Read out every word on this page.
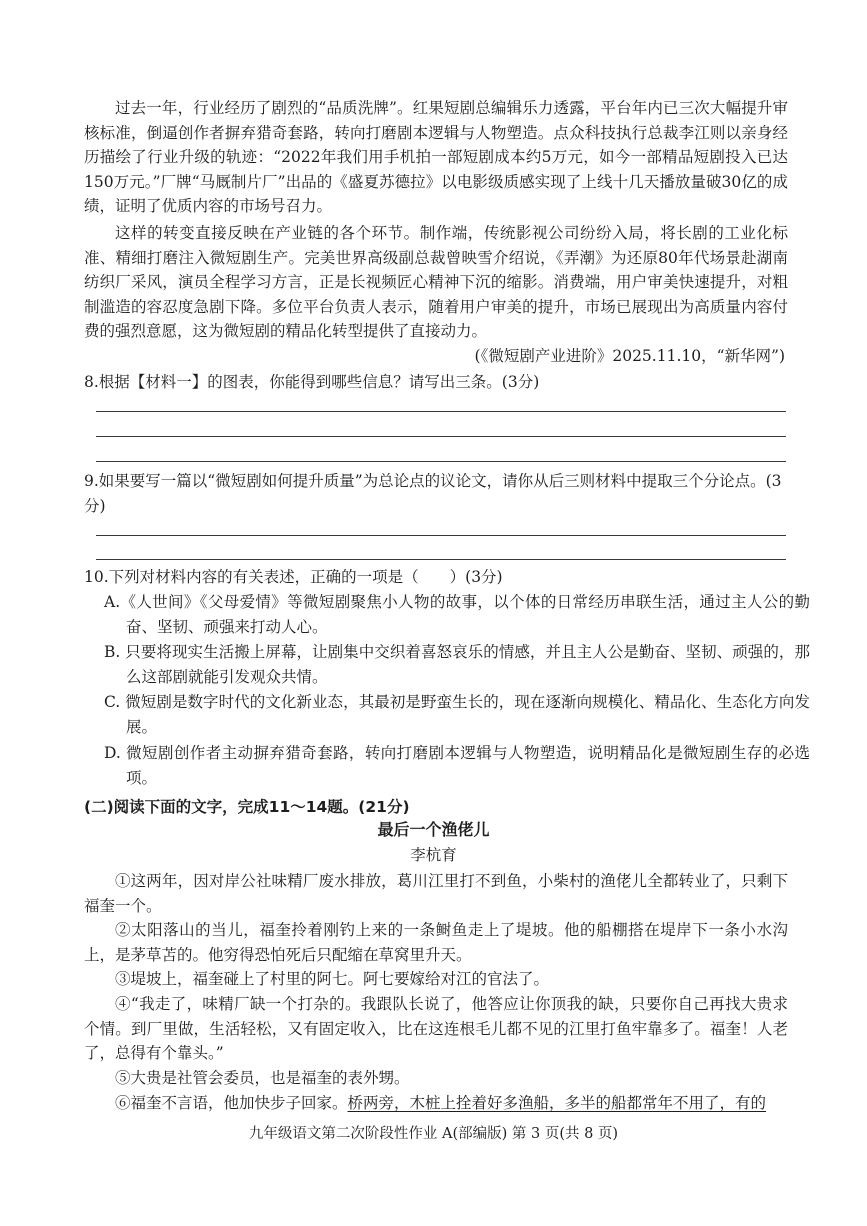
过去一年，行业经历了剧烈的“品质洗牌”。红果短剧总编辑乐力透露，平台年内已三次大幅提升审核标准，倒逼创作者摒弃猎奇套路，转向打磨剧本逻辑与人物塑造。点众科技执行总裁李江则以亲身经历描绘了行业升级的轨迹：“2022年我们用手机拍一部短剧成本约5万元，如今一部精品短剧投入已达150万元。”厂牌“马厩制片厂”出品的《盛夏苏德拉》以电影级质感实现了上线十几天播放量破30亿的成绩，证明了优质内容的市场号召力。

这样的转变直接反映在产业链的各个环节。制作端，传统影视公司纷纷入局，将长剧的工业化标准、精细打磨注入微短剧生产。完美世界高级副总裁曾映雪介绍说，《弄潮》为还原80年代场景赴湖南纺织厂采风，演员全程学习方言，正是长视频匠心精神下沉的缩影。消费端，用户审美快速提升，对粗制滥造的容忍度急剧下降。多位平台负责人表示，随着用户审美的提升，市场已展现出为高质量内容付费的强烈意愿，这为微短剧的精品化转型提供了直接动力。

(《微短剧产业进阶》2025.11.10，“新华网”)

8.根据【材料一】的图表，你能得到哪些信息？请写出三条。(3分)

9.如果要写一篇以“微短剧如何提升质量”为总论点的议论文，请你从后三则材料中提取三个分论点。(3分)

10.下列对材料内容的有关表述，正确的一项是（　　）(3分)

A.《人世间》《父母爱情》等微短剧聚焦小人物的故事，以个体的日常经历串联生活，通过主人公的勤奋、坚韧、顽强来打动人心。

B. 只要将现实生活搬上屏幕，让剧集中交织着喜怒哀乐的情感，并且主人公是勤奋、坚韧、顽强的，那么这部剧就能引发观众共情。

C. 微短剧是数字时代的文化新业态，其最初是野蛮生长的，现在逐渐向规模化、精品化、生态化方向发展。

D. 微短剧创作者主动摒弃猎奇套路，转向打磨剧本逻辑与人物塑造，说明精品化是微短剧生存的必选项。

(二)阅读下面的文字，完成11～14题。(21分)

最后一个渔佬儿

李杭育

①这两年，因对岸公社味精厂废水排放，葛川江里打不到鱼，小柴村的渔佬儿全都转业了，只剩下福奎一个。

②太阳落山的当儿，福奎拎着刚钓上来的一条鲥鱼走上了堤坡。他的船棚搭在堤岸下一条小水沟上，是茅草苫的。他穷得恐怕死后只配缩在草窝里升天。

③堤坡上，福奎碰上了村里的阿七。阿七要嫁给对江的官法了。

④“我走了，味精厂缺一个打杂的。我跟队长说了，他答应让你顶我的缺，只要你自己再找大贵求个情。到厂里做，生活轻松，又有固定收入，比在这连根毛儿都不见的江里打鱼牢靠多了。福奎！人老了，总得有个靠头。”

⑤大贵是社管会委员，也是福奎的表外甥。

⑥福奎不言语，他加快步子回家。桥两旁，木桩上拴着好多渔船，多半的船都常年不用了，有的

九年级语文第二次阶段性作业 A(部编版) 第 3 页(共 8 页)
